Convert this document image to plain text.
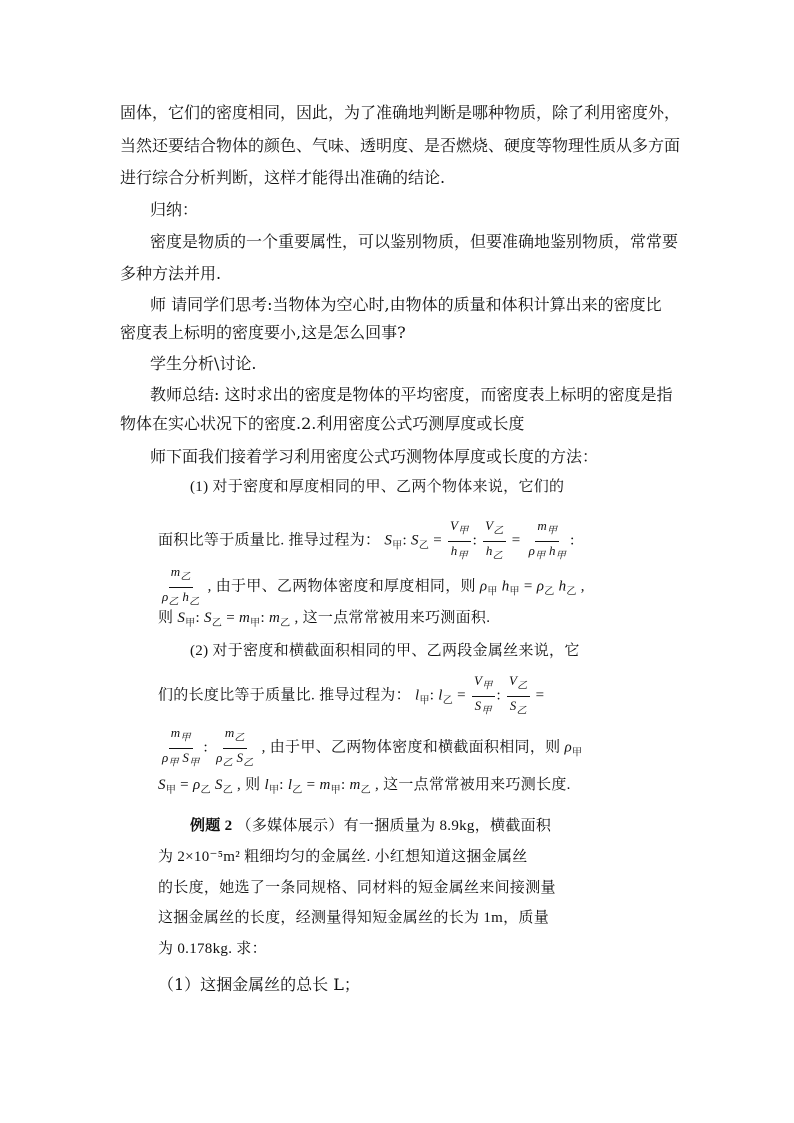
固体，它们的密度相同，因此，为了准确地判断是哪种物质，除了利用密度外，
当然还要结合物体的颜色、气味、透明度、是否燃烧、硬度等物理性质从多方面
进行综合分析判断，这样才能得出准确的结论.
归纳：
密度是物质的一个重要属性，可以鉴别物质，但要准确地鉴别物质，常常要
多种方法并用.
师 请同学们思考:当物体为空心时,由物体的质量和体积计算出来的密度比
密度表上标明的密度要小,这是怎么回事?
学生分析\讨论.
教师总结: 这时求出的密度是物体的平均密度，而密度表上标明的密度是指
物体在实心状况下的密度.2.利用密度公式巧测厚度或长度
师下面我们接着学习利用密度公式巧测物体厚度或长度的方法：
(1) 对于密度和厚度相同的甲、乙两个物体来说，它们的
面积比等于质量比. 推导过程为： $S_甲$: $S_乙 = \frac{V_甲}{h_甲}$ : $\frac{V_乙}{h_乙} = \frac{m_甲}{\rho_甲 h_甲}$ :
$\frac{m_乙}{\rho_乙 h_乙}$ , 由于甲、乙两物体密度和厚度相同，则 $\rho_甲$ $h_甲 = \rho_乙$ $h_乙$ ,
则 $S_甲$: $S_乙 = m_甲$: $m_乙$ , 这一点常常被用来巧测面积.
(2) 对于密度和横截面积相同的甲、乙两段金属丝来说，它
们的长度比等于质量比. 推导过程为： $l_甲$: $l_乙 = \frac{V_甲}{S_甲}$ : $\frac{V_乙}{S_乙}$ =
$\frac{m_甲}{\rho_甲 S_甲}$ : $\frac{m_乙}{\rho_乙 S_乙}$ , 由于甲、乙两物体密度和横截面积相同，则 $\rho_甲$
$S_甲 = \rho_乙$ $S_乙$ , 则 $l_甲$: $l_乙 = m_甲$: $m_乙$ , 这一点常常被用来巧测长度.
例题 2 （多媒体展示）有一捆质量为 8.9kg，横截面积
为 2×10⁻⁵m² 粗细均匀的金属丝. 小红想知道这捆金属丝
的长度，她选了一条同规格、同材料的短金属丝来间接测量
这捆金属丝的长度，经测量得知短金属丝的长为 1m，质量
为 0.178kg. 求：
（1）这捆金属丝的总长 L；
